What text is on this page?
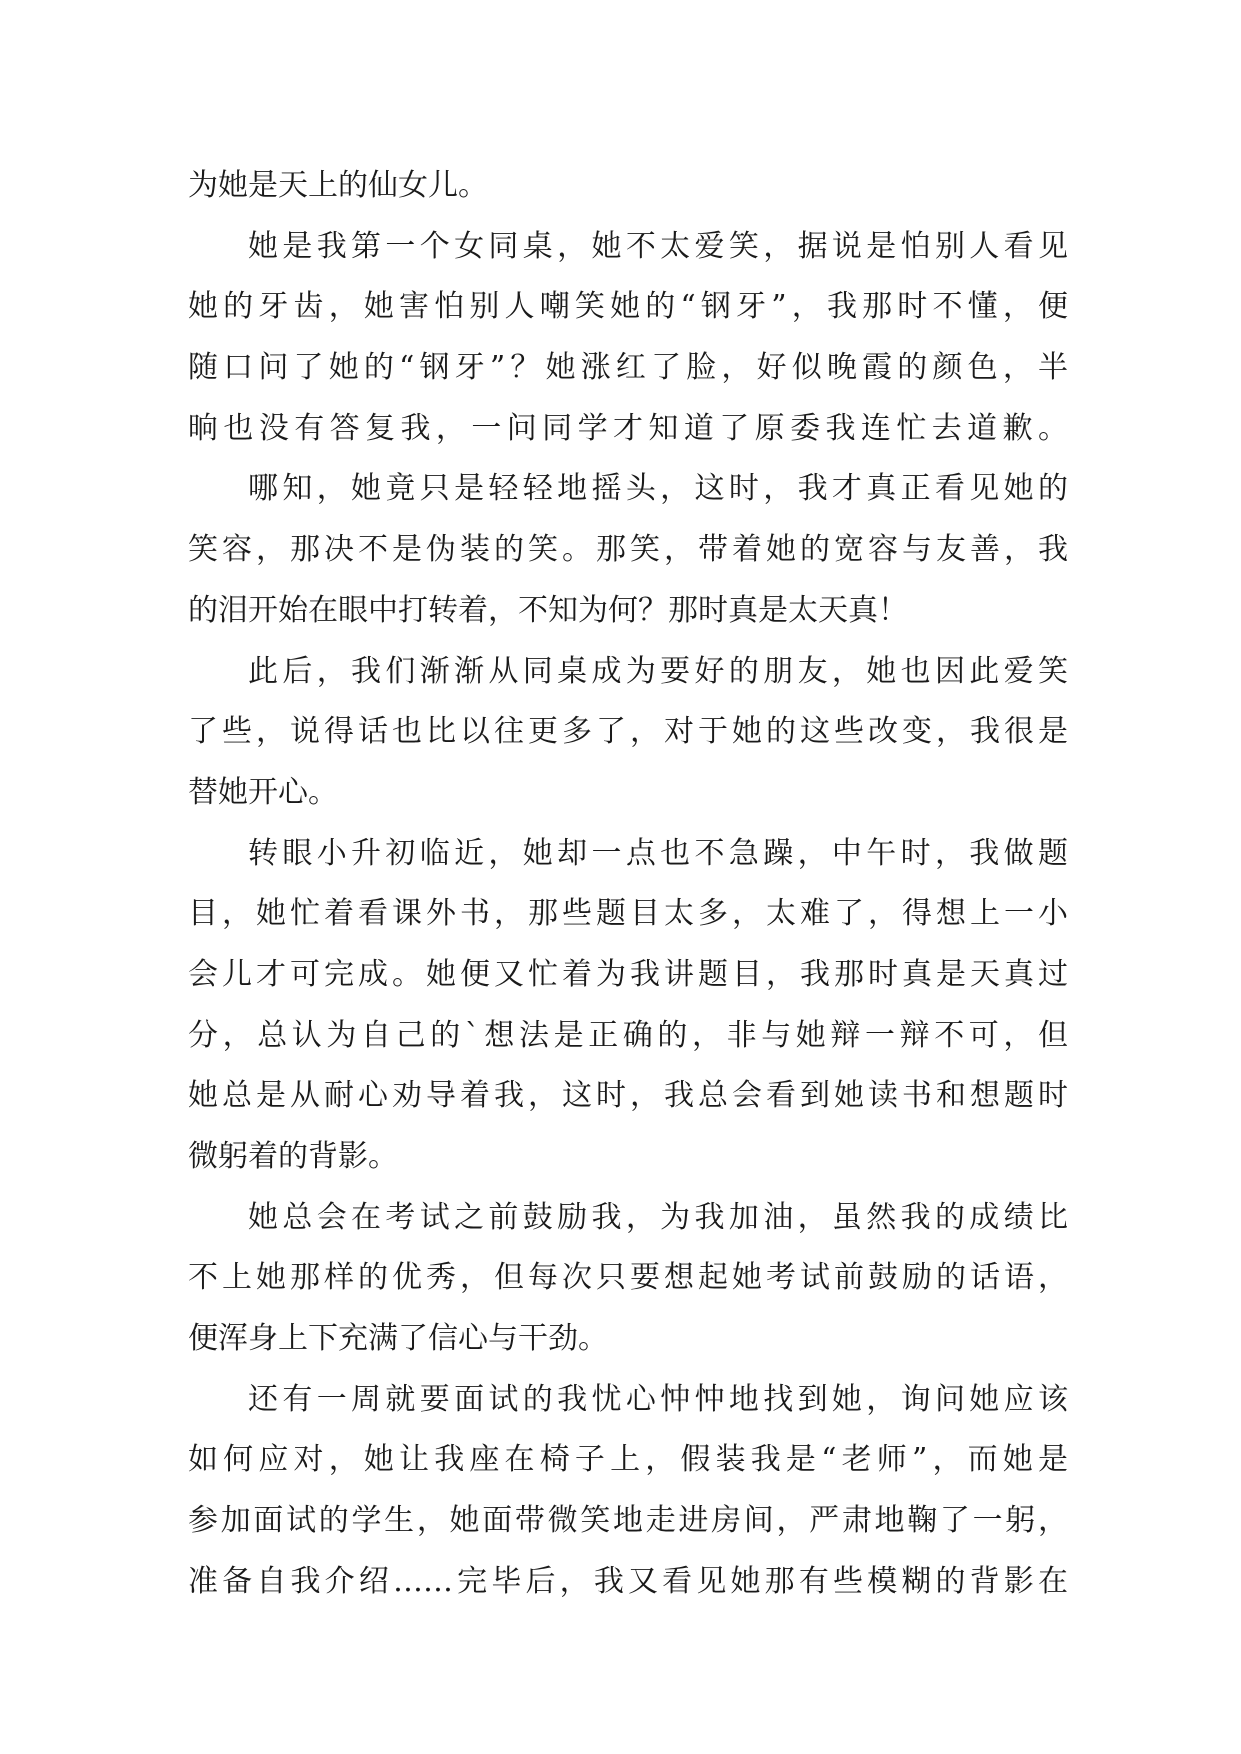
为她是天上的仙女儿。
她是我第一个女同桌，她不太爱笑，据说是怕别人看见
她的牙齿，她害怕别人嘲笑她的“钢牙”，我那时不懂，便
随口问了她的“钢牙”？她涨红了脸，好似晚霞的颜色，半
晌也没有答复我，一问同学才知道了原委我连忙去道歉。
哪知，她竟只是轻轻地摇头，这时，我才真正看见她的
笑容，那决不是伪装的笑。那笑，带着她的宽容与友善，我
的泪开始在眼中打转着，不知为何？那时真是太天真！
此后，我们渐渐从同桌成为要好的朋友，她也因此爱笑
了些，说得话也比以往更多了，对于她的这些改变，我很是
替她开心。
转眼小升初临近，她却一点也不急躁，中午时，我做题
目，她忙着看课外书，那些题目太多，太难了，得想上一小
会儿才可完成。她便又忙着为我讲题目，我那时真是天真过
分，总认为自己的`想法是正确的，非与她辩一辩不可，但
她总是从耐心劝导着我，这时，我总会看到她读书和想题时
微躬着的背影。
她总会在考试之前鼓励我，为我加油，虽然我的成绩比
不上她那样的优秀，但每次只要想起她考试前鼓励的话语，
便浑身上下充满了信心与干劲。
还有一周就要面试的我忧心忡忡地找到她，询问她应该
如何应对，她让我座在椅子上，假装我是“老师”，而她是
参加面试的学生，她面带微笑地走进房间，严肃地鞠了一躬，
准备自我介绍……完毕后，我又看见她那有些模糊的背影在
